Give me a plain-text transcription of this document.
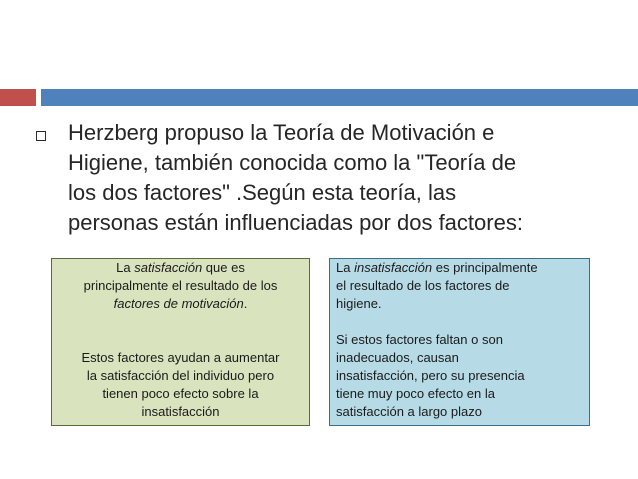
Herzberg propuso la Teoría de Motivación e
Higiene, también conocida como la "Teoría de
los dos factores" .Según esta teoría, las
personas están influenciadas por dos factores:
La satisfacción que es
principalmente el resultado de los
factores de motivación.
Estos factores ayudan a aumentar
la satisfacción del individuo pero
tienen poco efecto sobre la
insatisfacción
La insatisfacción es principalmente
el resultado de los factores de
higiene.
Si estos factores faltan o son
inadecuados, causan
insatisfacción, pero su presencia
tiene muy poco efecto en la
satisfacción a largo plazo
